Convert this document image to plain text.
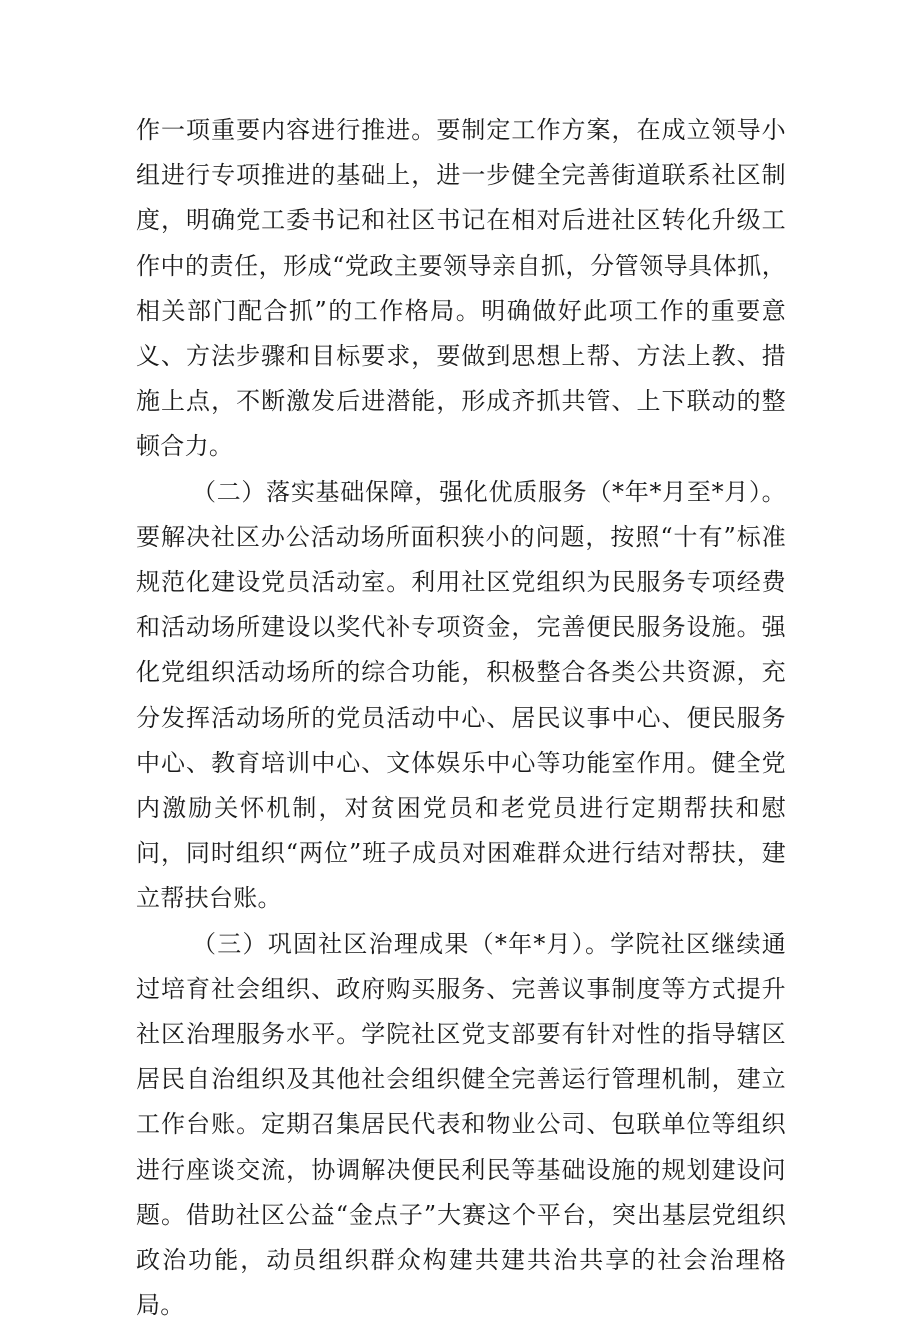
作一项重要内容进行推进。要制定工作方案，在成立领导小组进行专项推进的基础上，进一步健全完善街道联系社区制度，明确党工委书记和社区书记在相对后进社区转化升级工作中的责任，形成“党政主要领导亲自抓，分管领导具体抓，相关部门配合抓”的工作格局。明确做好此项工作的重要意义、方法步骤和目标要求，要做到思想上帮、方法上教、措施上点，不断激发后进潜能，形成齐抓共管、上下联动的整顿合力。

（二）落实基础保障，强化优质服务（*年*月至*月）。要解决社区办公活动场所面积狭小的问题，按照“十有”标准规范化建设党员活动室。利用社区党组织为民服务专项经费和活动场所建设以奖代补专项资金，完善便民服务设施。强化党组织活动场所的综合功能，积极整合各类公共资源，充分发挥活动场所的党员活动中心、居民议事中心、便民服务中心、教育培训中心、文体娱乐中心等功能室作用。健全党内激励关怀机制，对贫困党员和老党员进行定期帮扶和慰问，同时组织“两位”班子成员对困难群众进行结对帮扶，建立帮扶台账。

（三）巩固社区治理成果（*年*月）。学院社区继续通过培育社会组织、政府购买服务、完善议事制度等方式提升社区治理服务水平。学院社区党支部要有针对性的指导辖区居民自治组织及其他社会组织健全完善运行管理机制，建立工作台账。定期召集居民代表和物业公司、包联单位等组织进行座谈交流，协调解决便民利民等基础设施的规划建设问题。借助社区公益“金点子”大赛这个平台，突出基层党组织政治功能，动员组织群众构建共建共治共享的社会治理格局。
